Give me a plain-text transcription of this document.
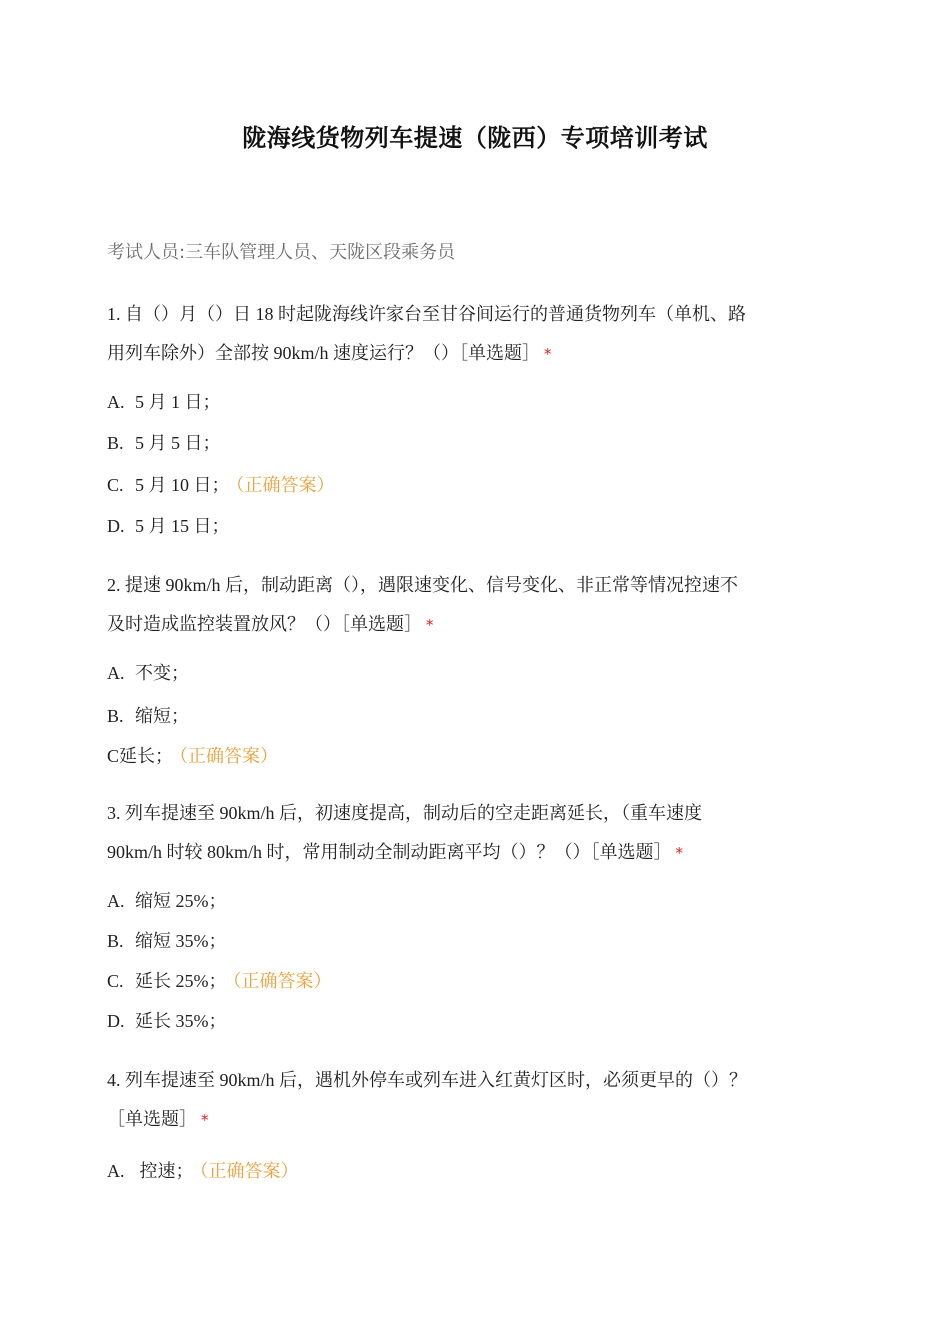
陇海线货物列车提速（陇西）专项培训考试
考试人员:三车队管理人员、天陇区段乘务员
1. 自（）月（）日 18 时起陇海线许家台至甘谷间运行的普通货物列车（单机、路
用列车除外）全部按 90km/h 速度运行？（）［单选题］ *
A. 5 月 1 日；
B. 5 月 5 日；
C. 5 月 10 日； （正确答案）
D. 5 月 15 日；
2. 提速 90km/h 后，制动距离（），遇限速变化、信号变化、非正常等情况控速不
及时造成监控装置放风？（）［单选题］ *
A. 不变；
B. 缩短；
C延长； （正确答案）
3. 列车提速至 90km/h 后，初速度提高，制动后的空走距离延长，（重车速度
90km/h 时较 80km/h 时，常用制动全制动距离平均（）？（）［单选题］ *
A. 缩短 25%；
B. 缩短 35%；
C. 延长 25%； （正确答案）
D. 延长 35%；
4. 列车提速至 90km/h 后，遇机外停车或列车进入红黄灯区时，必须更早的（）？
［单选题］ *
A. 控速； （正确答案）
